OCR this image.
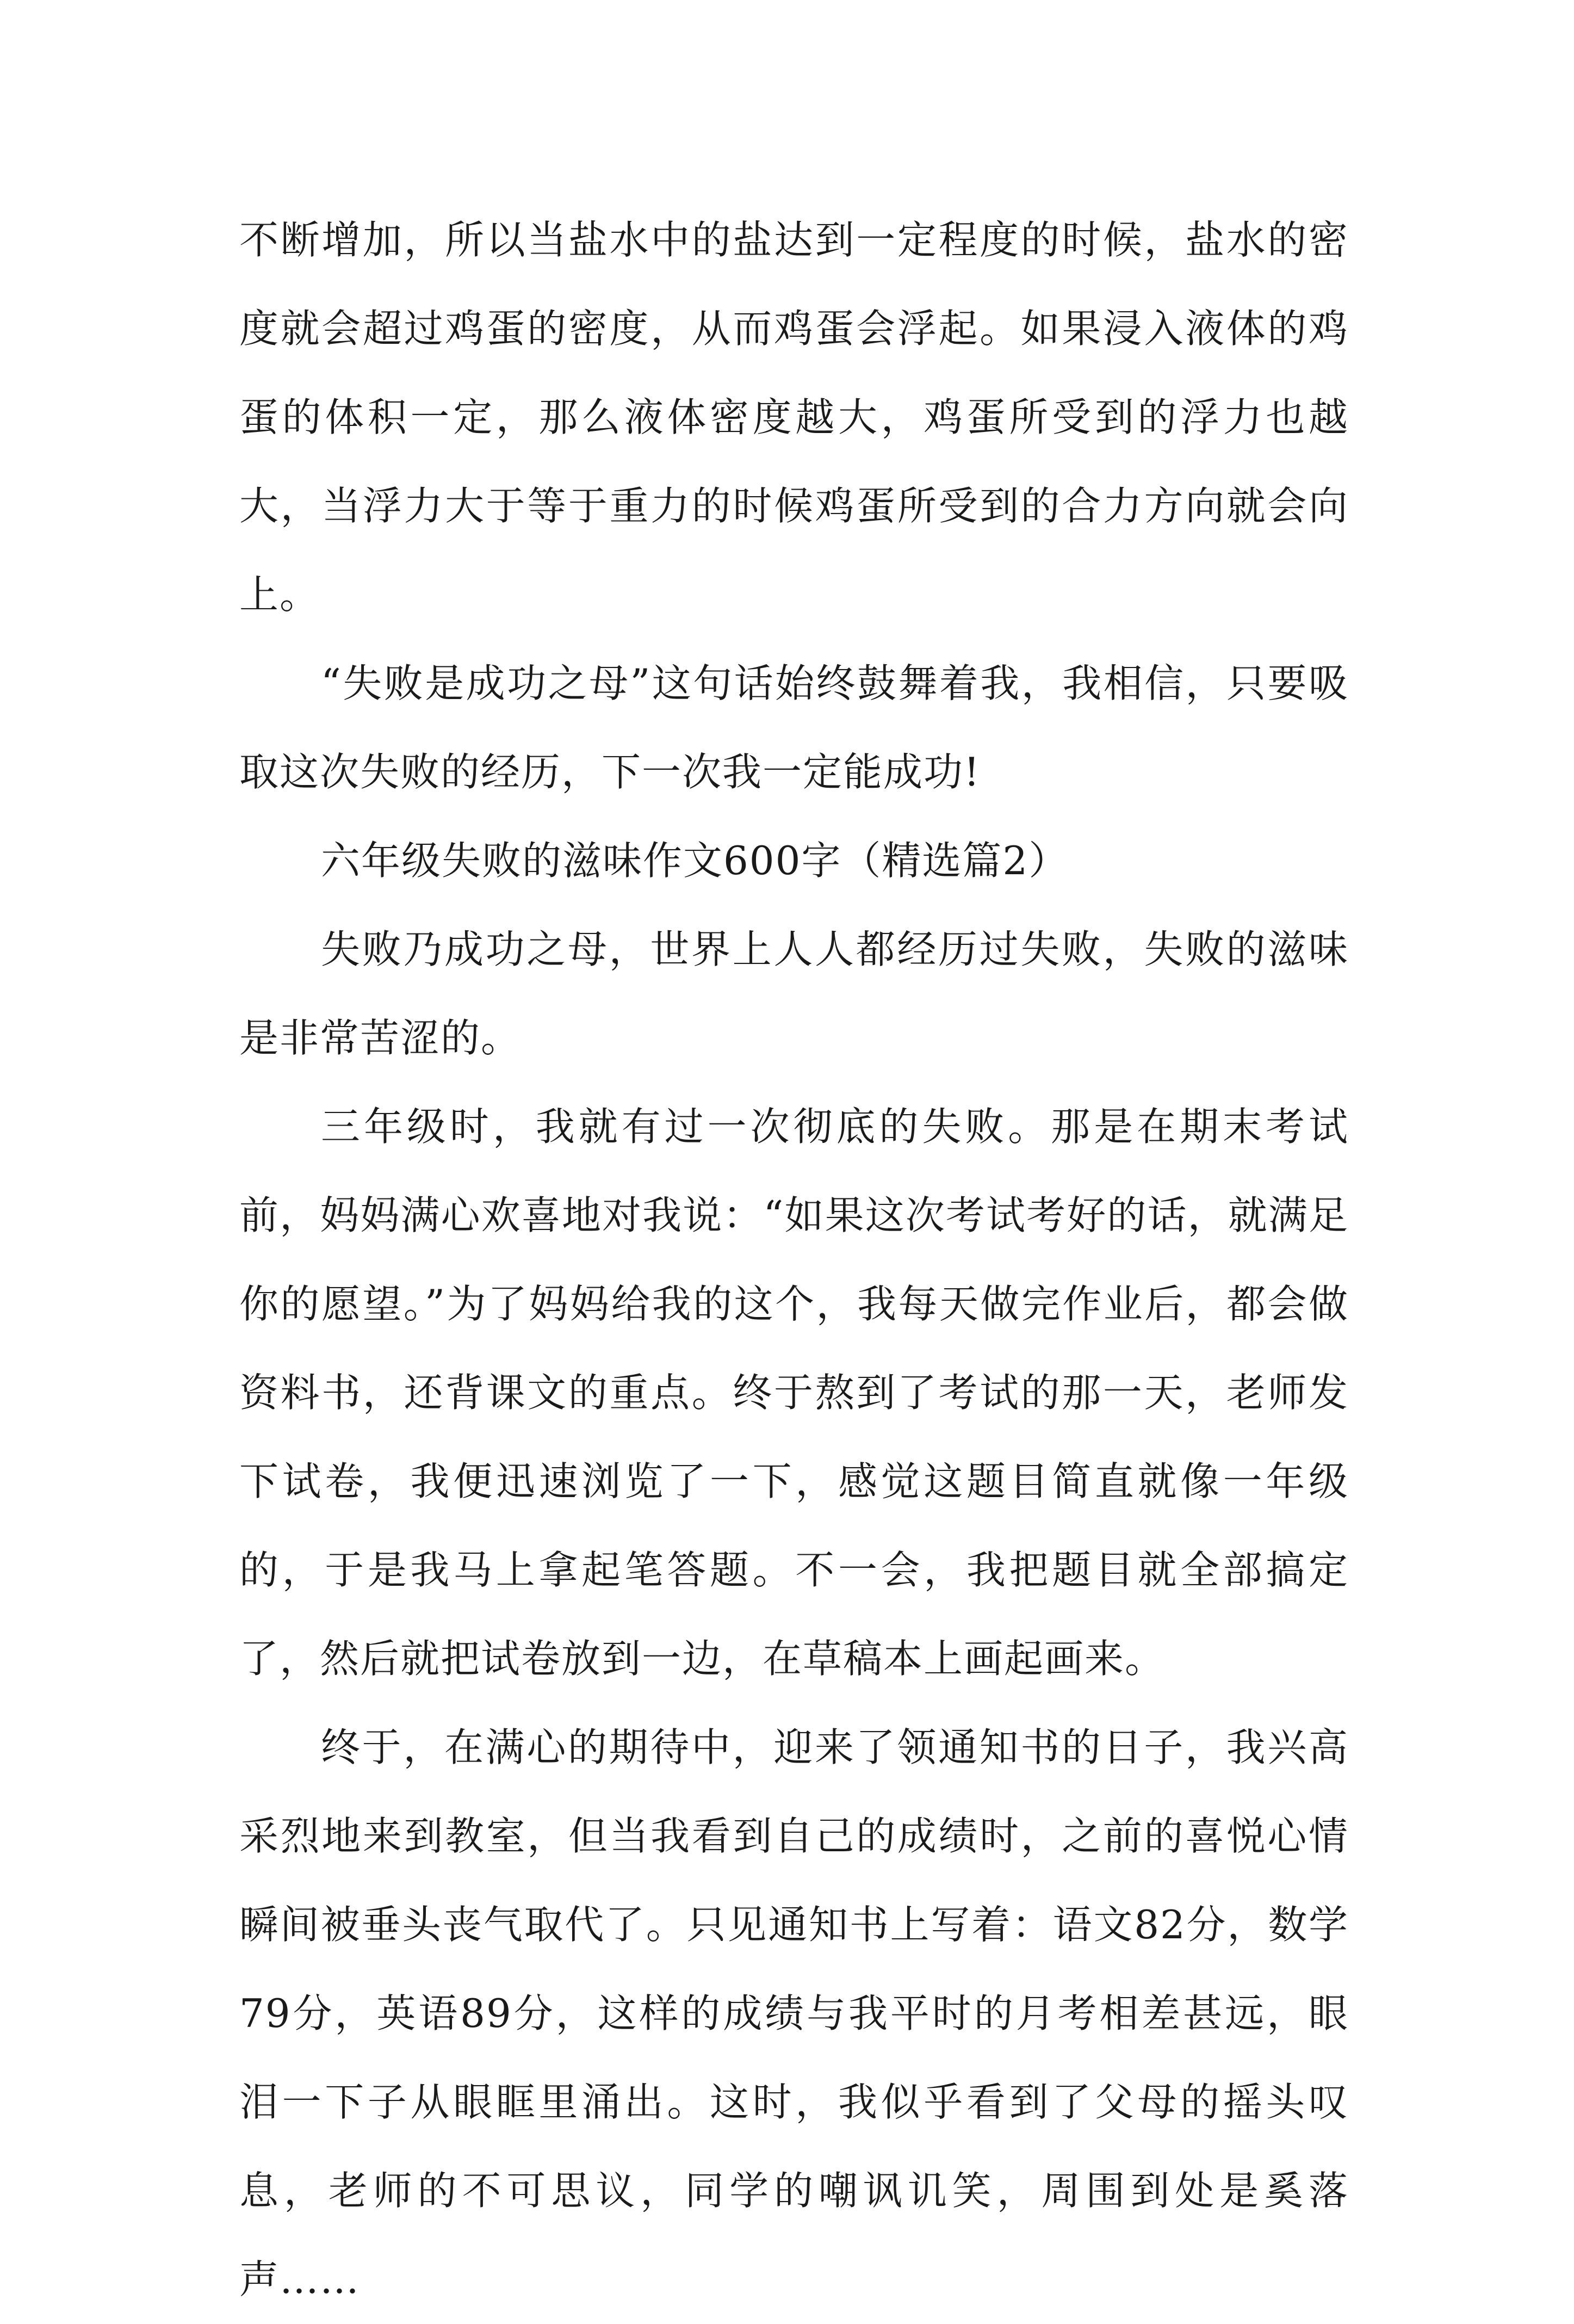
不断增加，所以当盐水中的盐达到一定程度的时候，盐水的密度就会超过鸡蛋的密度，从而鸡蛋会浮起。如果浸入液体的鸡蛋的体积一定，那么液体密度越大，鸡蛋所受到的浮力也越大，当浮力大于等于重力的时候鸡蛋所受到的合力方向就会向上。

“失败是成功之母”这句话始终鼓舞着我，我相信，只要吸取这次失败的经历，下一次我一定能成功!

六年级失败的滋味作文600字（精选篇2）

失败乃成功之母，世界上人人都经历过失败，失败的滋味是非常苦涩的。

三年级时，我就有过一次彻底的失败。那是在期末考试前，妈妈满心欢喜地对我说：“如果这次考试考好的话，就满足你的愿望。”为了妈妈给我的这个，我每天做完作业后，都会做资料书，还背课文的重点。终于熬到了考试的那一天，老师发下试卷，我便迅速浏览了一下，感觉这题目简直就像一年级的，于是我马上拿起笔答题。不一会，我把题目就全部搞定了，然后就把试卷放到一边，在草稿本上画起画来。

终于，在满心的期待中，迎来了领通知书的日子，我兴高采烈地来到教室，但当我看到自己的成绩时，之前的喜悦心情瞬间被垂头丧气取代了。只见通知书上写着：语文82分，数学79分，英语89分，这样的成绩与我平时的月考相差甚远，眼泪一下子从眼眶里涌出。这时，我似乎看到了父母的摇头叹息，老师的不可思议，同学的嘲讽讥笑，周围到处是奚落声……
